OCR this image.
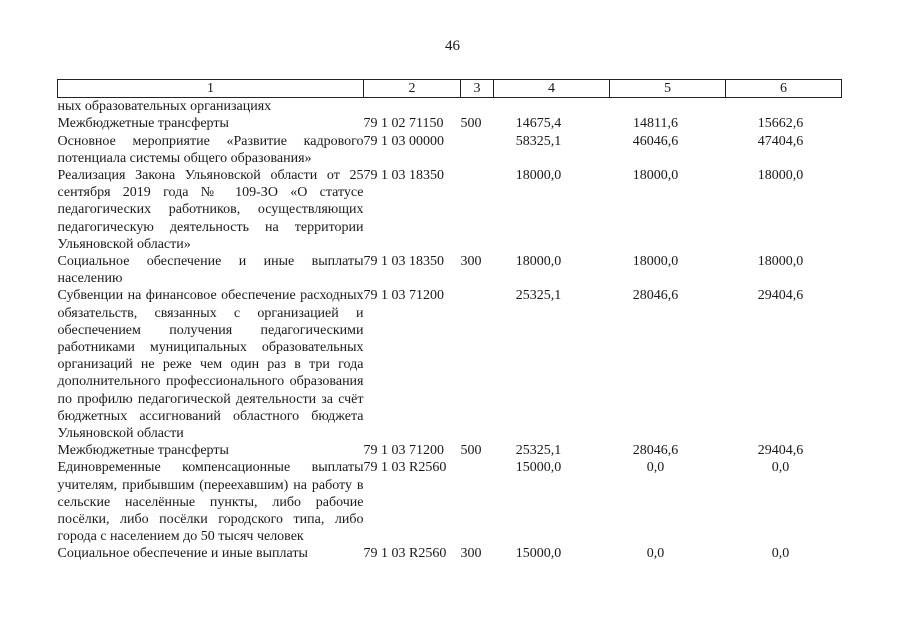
46
1	2	3	4	5	6
ных образовательных организациях					
Межбюджетные трансферты	79 1 02 71150	500	14675,4	14811,6	15662,6
Основное мероприятие «Развитие кадрового потенциала системы общего образования»	79 1 03 00000		58325,1	46046,6	47404,6
Реализация Закона Ульяновской области от 25 сентября 2019 года № 109-ЗО «О статусе педагогических работников, осуществляющих педагогическую деятельность на территории Ульяновской области»	79 1 03 18350		18000,0	18000,0	18000,0
Социальное обеспечение и иные выплаты населению	79 1 03 18350	300	18000,0	18000,0	18000,0
Субвенции на финансовое обеспечение расходных обязательств, связанных с организацией и обеспечением получения педагогическими работниками муниципальных образовательных организаций не реже чем один раз в три года дополнительного профессионального образования по профилю педагогической деятельности за счёт бюджетных ассигнований областного бюджета Ульяновской области	79 1 03 71200		25325,1	28046,6	29404,6
Межбюджетные трансферты	79 1 03 71200	500	25325,1	28046,6	29404,6
Единовременные компенсационные выплаты учителям, прибывшим (переехавшим) на работу в сельские населённые пункты, либо рабочие посёлки, либо посёлки городского типа, либо города с населением до 50 тысяч человек	79 1 03 R2560		15000,0	0,0	0,0
Социальное обеспечение и иные выплаты	79 1 03 R2560	300	15000,0	0,0	0,0
